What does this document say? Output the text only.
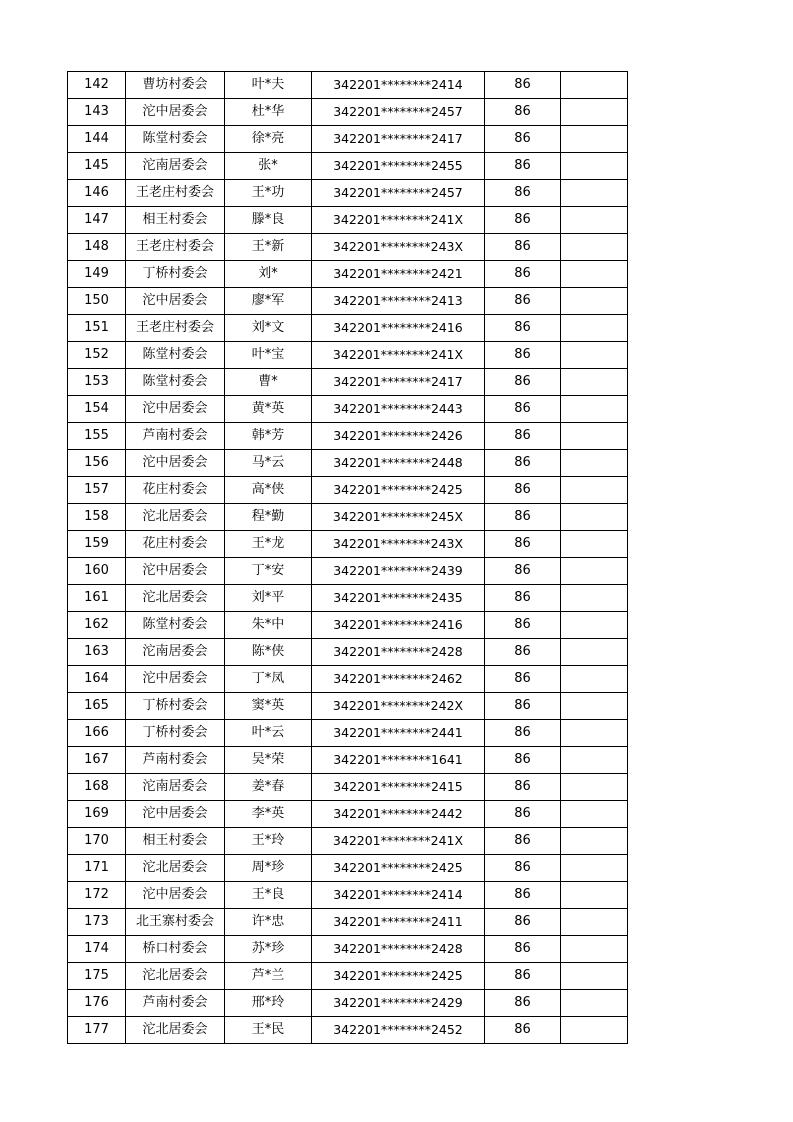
142	曹坊村委会	叶*夫	342201********2414	86	
143	沱中居委会	杜*华	342201********2457	86	
144	陈堂村委会	徐*亮	342201********2417	86	
145	沱南居委会	张*	342201********2455	86	
146	王老庄村委会	王*功	342201********2457	86	
147	相王村委会	滕*良	342201********241X	86	
148	王老庄村委会	王*新	342201********243X	86	
149	丁桥村委会	刘*	342201********2421	86	
150	沱中居委会	廖*军	342201********2413	86	
151	王老庄村委会	刘*文	342201********2416	86	
152	陈堂村委会	叶*宝	342201********241X	86	
153	陈堂村委会	曹*	342201********2417	86	
154	沱中居委会	黄*英	342201********2443	86	
155	芦南村委会	韩*芳	342201********2426	86	
156	沱中居委会	马*云	342201********2448	86	
157	花庄村委会	高*侠	342201********2425	86	
158	沱北居委会	程*勤	342201********245X	86	
159	花庄村委会	王*龙	342201********243X	86	
160	沱中居委会	丁*安	342201********2439	86	
161	沱北居委会	刘*平	342201********2435	86	
162	陈堂村委会	朱*中	342201********2416	86	
163	沱南居委会	陈*侠	342201********2428	86	
164	沱中居委会	丁*凤	342201********2462	86	
165	丁桥村委会	窦*英	342201********242X	86	
166	丁桥村委会	叶*云	342201********2441	86	
167	芦南村委会	吴*荣	342201********1641	86	
168	沱南居委会	姜*春	342201********2415	86	
169	沱中居委会	李*英	342201********2442	86	
170	相王村委会	王*玲	342201********241X	86	
171	沱北居委会	周*珍	342201********2425	86	
172	沱中居委会	王*良	342201********2414	86	
173	北王寨村委会	许*忠	342201********2411	86	
174	桥口村委会	苏*珍	342201********2428	86	
175	沱北居委会	芦*兰	342201********2425	86	
176	芦南村委会	邢*玲	342201********2429	86	
177	沱北居委会	王*民	342201********2452	86	
